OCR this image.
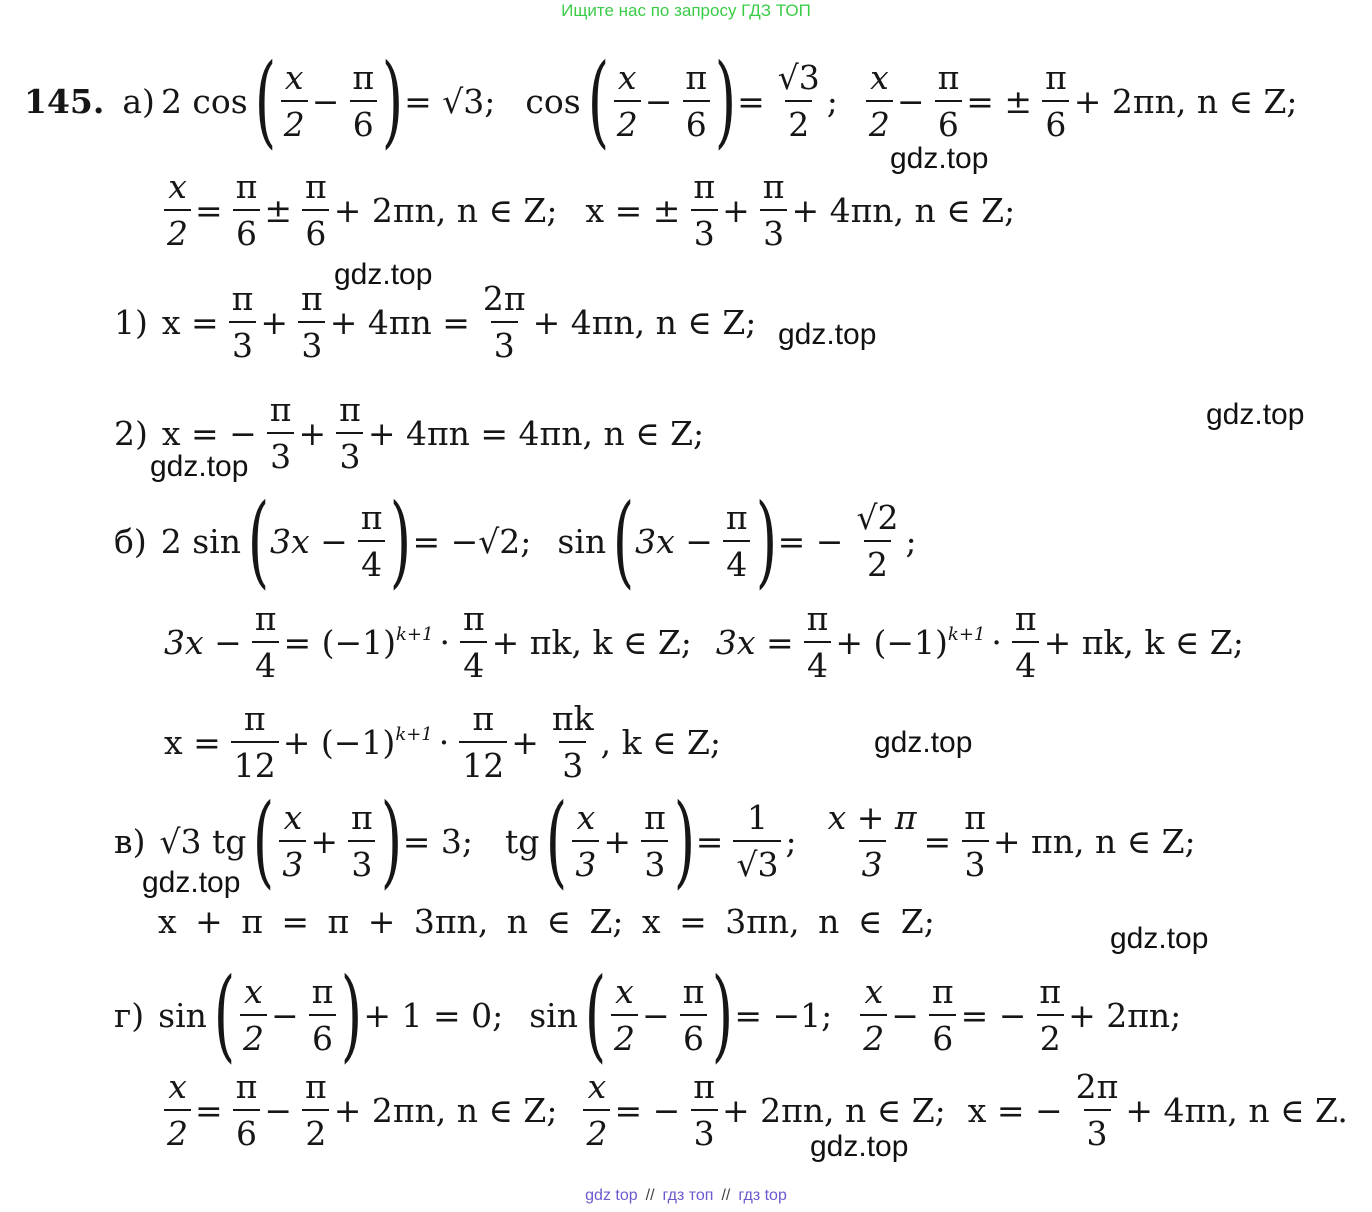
Ищите нас по запросу ГДЗ ТОП
145. а) 2 cos ( $\frac{x}{2} - \frac{\pi}{6}$ ) = √3; cos ( $\frac{x}{2} - \frac{\pi}{6}$ ) = $\frac{√3}{2}$ ; $\frac{x}{2} - \frac{\pi}{6}$ = ± $\frac{\pi}{6} + 2\pi n$, n ∈ Z;
$\frac{x}{2} = \frac{\pi}{6} \pm \frac{\pi}{6} + 2\pi n$, n ∈ Z; x = ± $\frac{\pi}{3} + \frac{\pi}{3} + 4\pi n$, n ∈ Z;
1) $x = \frac{\pi}{3} + \frac{\pi}{3} + 4\pi n = \frac{2\pi}{3} + 4\pi n$, n ∈ Z;
2) x = − $\frac{\pi}{3} + \frac{\pi}{3} + 4\pi n = 4\pi n$, n ∈ Z;
б) 2 sin ( $3x - \frac{\pi}{4}$ ) = −√2; sin ( $3x - \frac{\pi}{4}$ ) = − $\frac{√2}{2}$ ;
$3x - \frac{\pi}{4} = (-1)^{k+1} \cdot \frac{\pi}{4} + \pi k$, k ∈ Z; $3x = \frac{\pi}{4} + (-1)^{k+1} \cdot \frac{\pi}{4} + \pi k$, k ∈ Z;
$x = \frac{\pi}{12} + (-1)^{k+1} \cdot \frac{\pi}{12} + \frac{\pi k}{3}$ , k ∈ Z;
в) √3 tg ( $\frac{x}{3} + \frac{\pi}{3}$ ) = 3; tg ( $\frac{x}{3} + \frac{\pi}{3}$ ) = $\frac{1}{√3}$ ; $\frac{x + \pi}{3} = \frac{\pi}{3} + \pi n$, n ∈ Z;
x + π = π + 3πn, n ∈ Z; x = 3πn, n ∈ Z;
г) sin ( $\frac{x}{2} - \frac{\pi}{6}$ ) + 1 = 0; sin ( $\frac{x}{2} - \frac{\pi}{6}$ ) = −1; $\frac{x}{2} - \frac{\pi}{6}$ = − $\frac{\pi}{2} + 2\pi n$;
$\frac{x}{2} = \frac{\pi}{6} - \frac{\pi}{2} + 2\pi n$, n ∈ Z; $\frac{x}{2}$ = − $\frac{\pi}{3} + 2\pi n$, n ∈ Z; x = − $\frac{2\pi}{3} + 4\pi n$, n ∈ Z.
gdz.top
gdz.top
gdz.top
gdz.top
gdz.top
gdz.top
gdz.top
gdz.top
gdz.top
gdz top // гдз топ // гдз top
